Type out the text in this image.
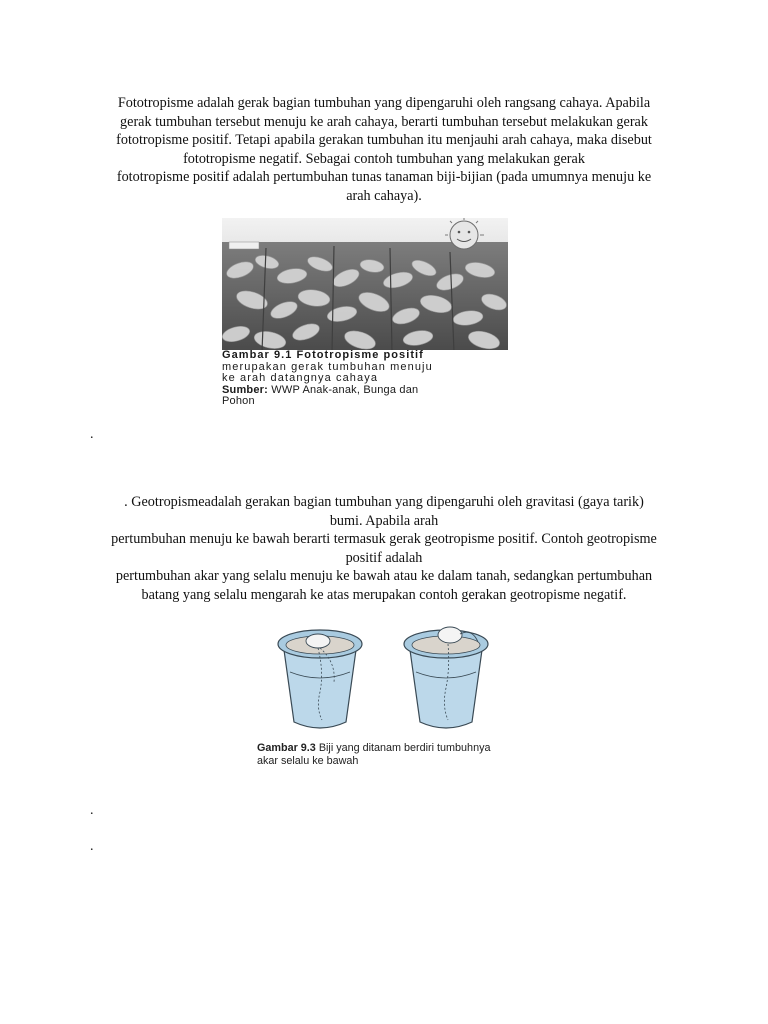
Fototropisme adalah gerak bagian tumbuhan yang dipengaruhi oleh rangsang cahaya. Apabila
gerak tumbuhan tersebut menuju ke arah cahaya, berarti tumbuhan tersebut melakukan gerak
fototropisme positif. Tetapi apabila gerakan tumbuhan itu menjauhi arah cahaya, maka disebut
fototropisme negatif. Sebagai contoh tumbuhan yang melakukan gerak
fototropisme positif adalah pertumbuhan tunas tanaman biji-bijian (pada umumnya menuju ke
arah cahaya).
Gambar 9.1 Fototropisme positif
merupakan gerak tumbuhan menuju
ke arah datangnya cahaya
Sumber: WWP Anak-anak, Bunga dan
Pohon
.
. Geotropismeadalah gerakan bagian tumbuhan yang dipengaruhi oleh gravitasi (gaya tarik)
bumi. Apabila arah
pertumbuhan menuju ke bawah berarti termasuk gerak geotropisme positif. Contoh geotropisme
positif adalah
pertumbuhan akar yang selalu menuju ke bawah atau ke dalam tanah, sedangkan pertumbuhan
batang yang selalu mengarah ke atas merupakan contoh gerakan geotropisme negatif.
Gambar 9.3 Biji yang ditanam berdiri tumbuhnya
akar selalu ke bawah
.
.
